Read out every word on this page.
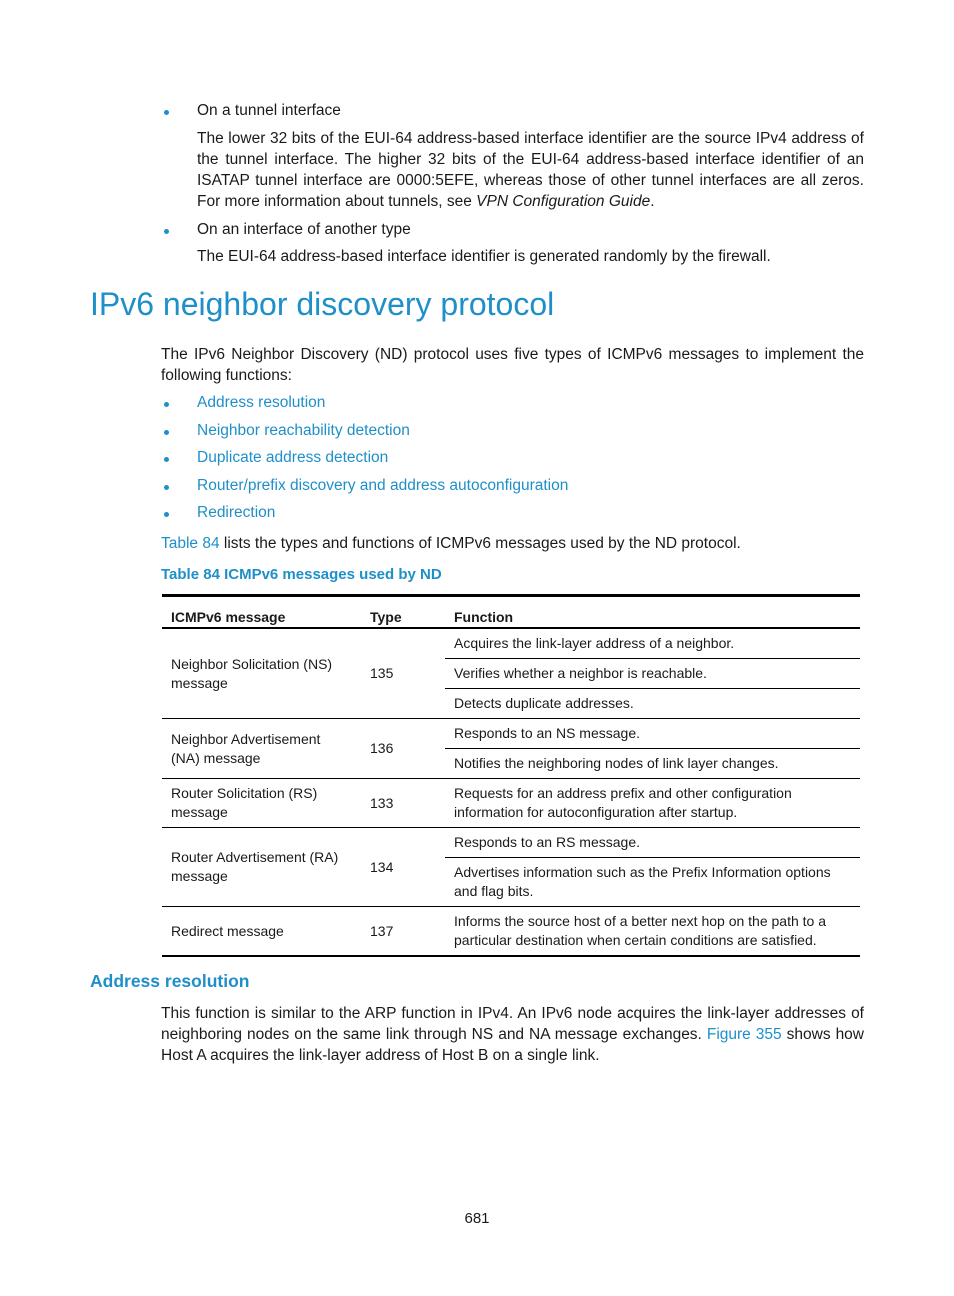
On a tunnel interface
The lower 32 bits of the EUI-64 address-based interface identifier are the source IPv4 address of the tunnel interface. The higher 32 bits of the EUI-64 address-based interface identifier of an ISATAP tunnel interface are 0000:5EFE, whereas those of other tunnel interfaces are all zeros. For more information about tunnels, see VPN Configuration Guide.
On an interface of another type
The EUI-64 address-based interface identifier is generated randomly by the firewall.
IPv6 neighbor discovery protocol
The IPv6 Neighbor Discovery (ND) protocol uses five types of ICMPv6 messages to implement the following functions:
Address resolution
Neighbor reachability detection
Duplicate address detection
Router/prefix discovery and address autoconfiguration
Redirection
Table 84 lists the types and functions of ICMPv6 messages used by the ND protocol.
Table 84 ICMPv6 messages used by ND
ICMPv6 message	Type	Function
Neighbor Solicitation (NS) message	135	Acquires the link-layer address of a neighbor.
		Verifies whether a neighbor is reachable.
		Detects duplicate addresses.
Neighbor Advertisement (NA) message	136	Responds to an NS message.
		Notifies the neighboring nodes of link layer changes.
Router Solicitation (RS) message	133	Requests for an address prefix and other configuration information for autoconfiguration after startup.
Router Advertisement (RA) message	134	Responds to an RS message.
		Advertises information such as the Prefix Information options and flag bits.
Redirect message	137	Informs the source host of a better next hop on the path to a particular destination when certain conditions are satisfied.
Address resolution
This function is similar to the ARP function in IPv4. An IPv6 node acquires the link-layer addresses of neighboring nodes on the same link through NS and NA message exchanges. Figure 355 shows how Host A acquires the link-layer address of Host B on a single link.
681
